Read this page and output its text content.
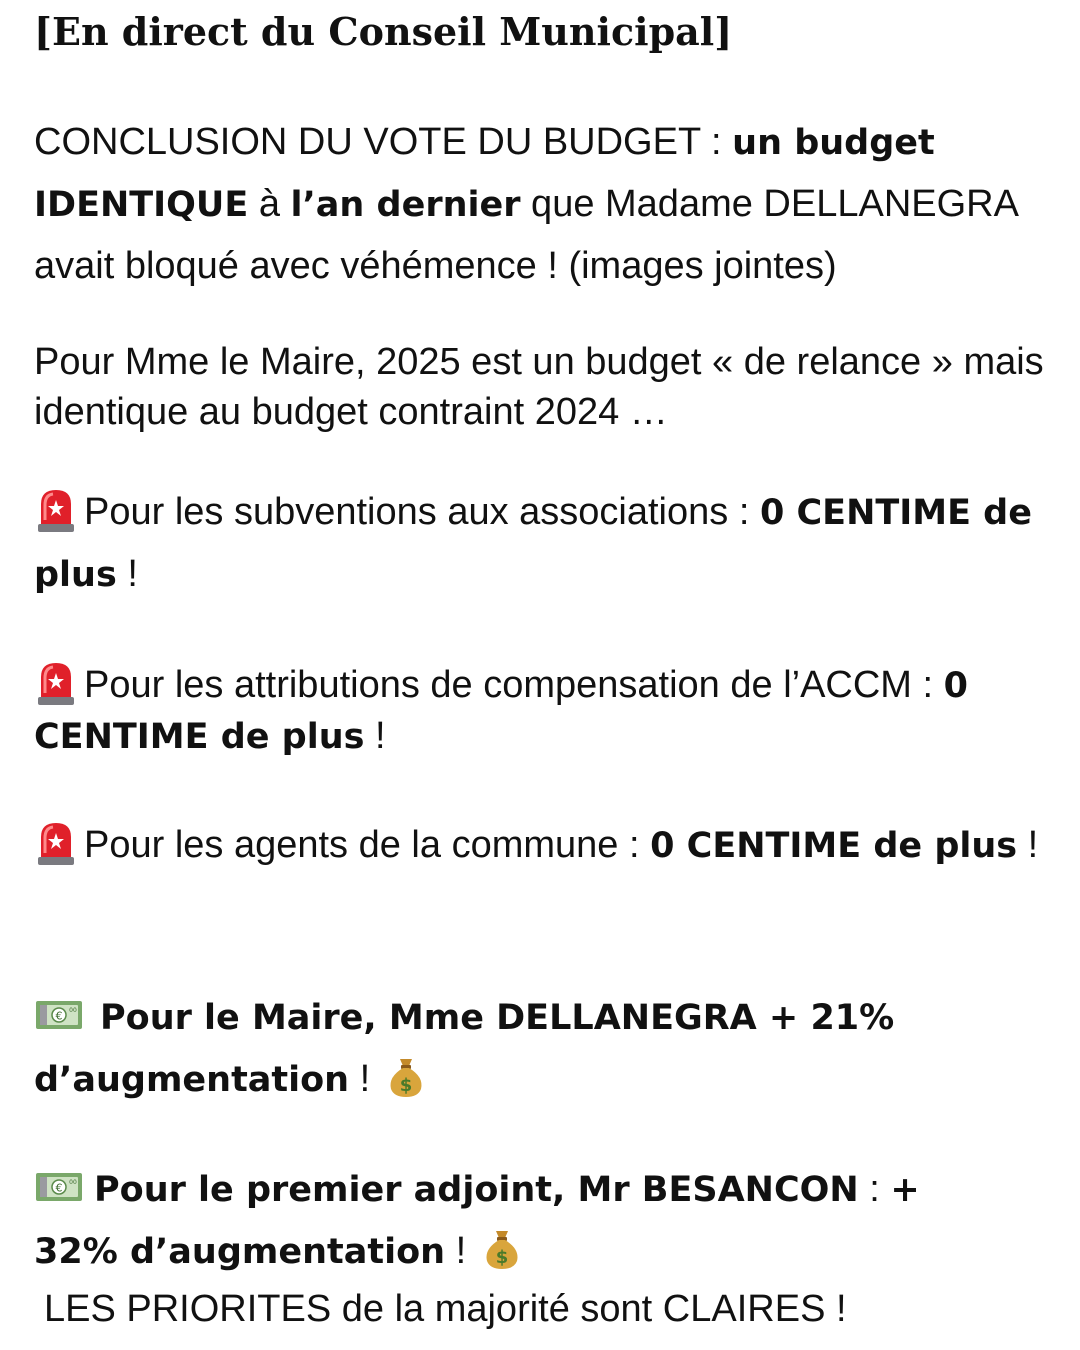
[En direct du Conseil Municipal]
CONCLUSION DU VOTE DU BUDGET : un budget IDENTIQUE à l’an dernier que Madame DELLANEGRA avait bloqué avec véhémence ! (images jointes)
Pour Mme le Maire, 2025 est un budget « de relance » mais identique au budget contraint 2024 …
Pour les subventions aux associations : 0 CENTIME de plus !
Pour les attributions de compensation de l’ACCM : 0 CENTIME de plus !
Pour les agents de la commune : 0 CENTIME de plus !
€ 00 Pour le Maire, Mme DELLANEGRA + 21% d’augmentation ! $
€ 00 Pour le premier adjoint, Mr BESANCON : + 32% d’augmentation ! $
LES PRIORITES de la majorité sont CLAIRES !
